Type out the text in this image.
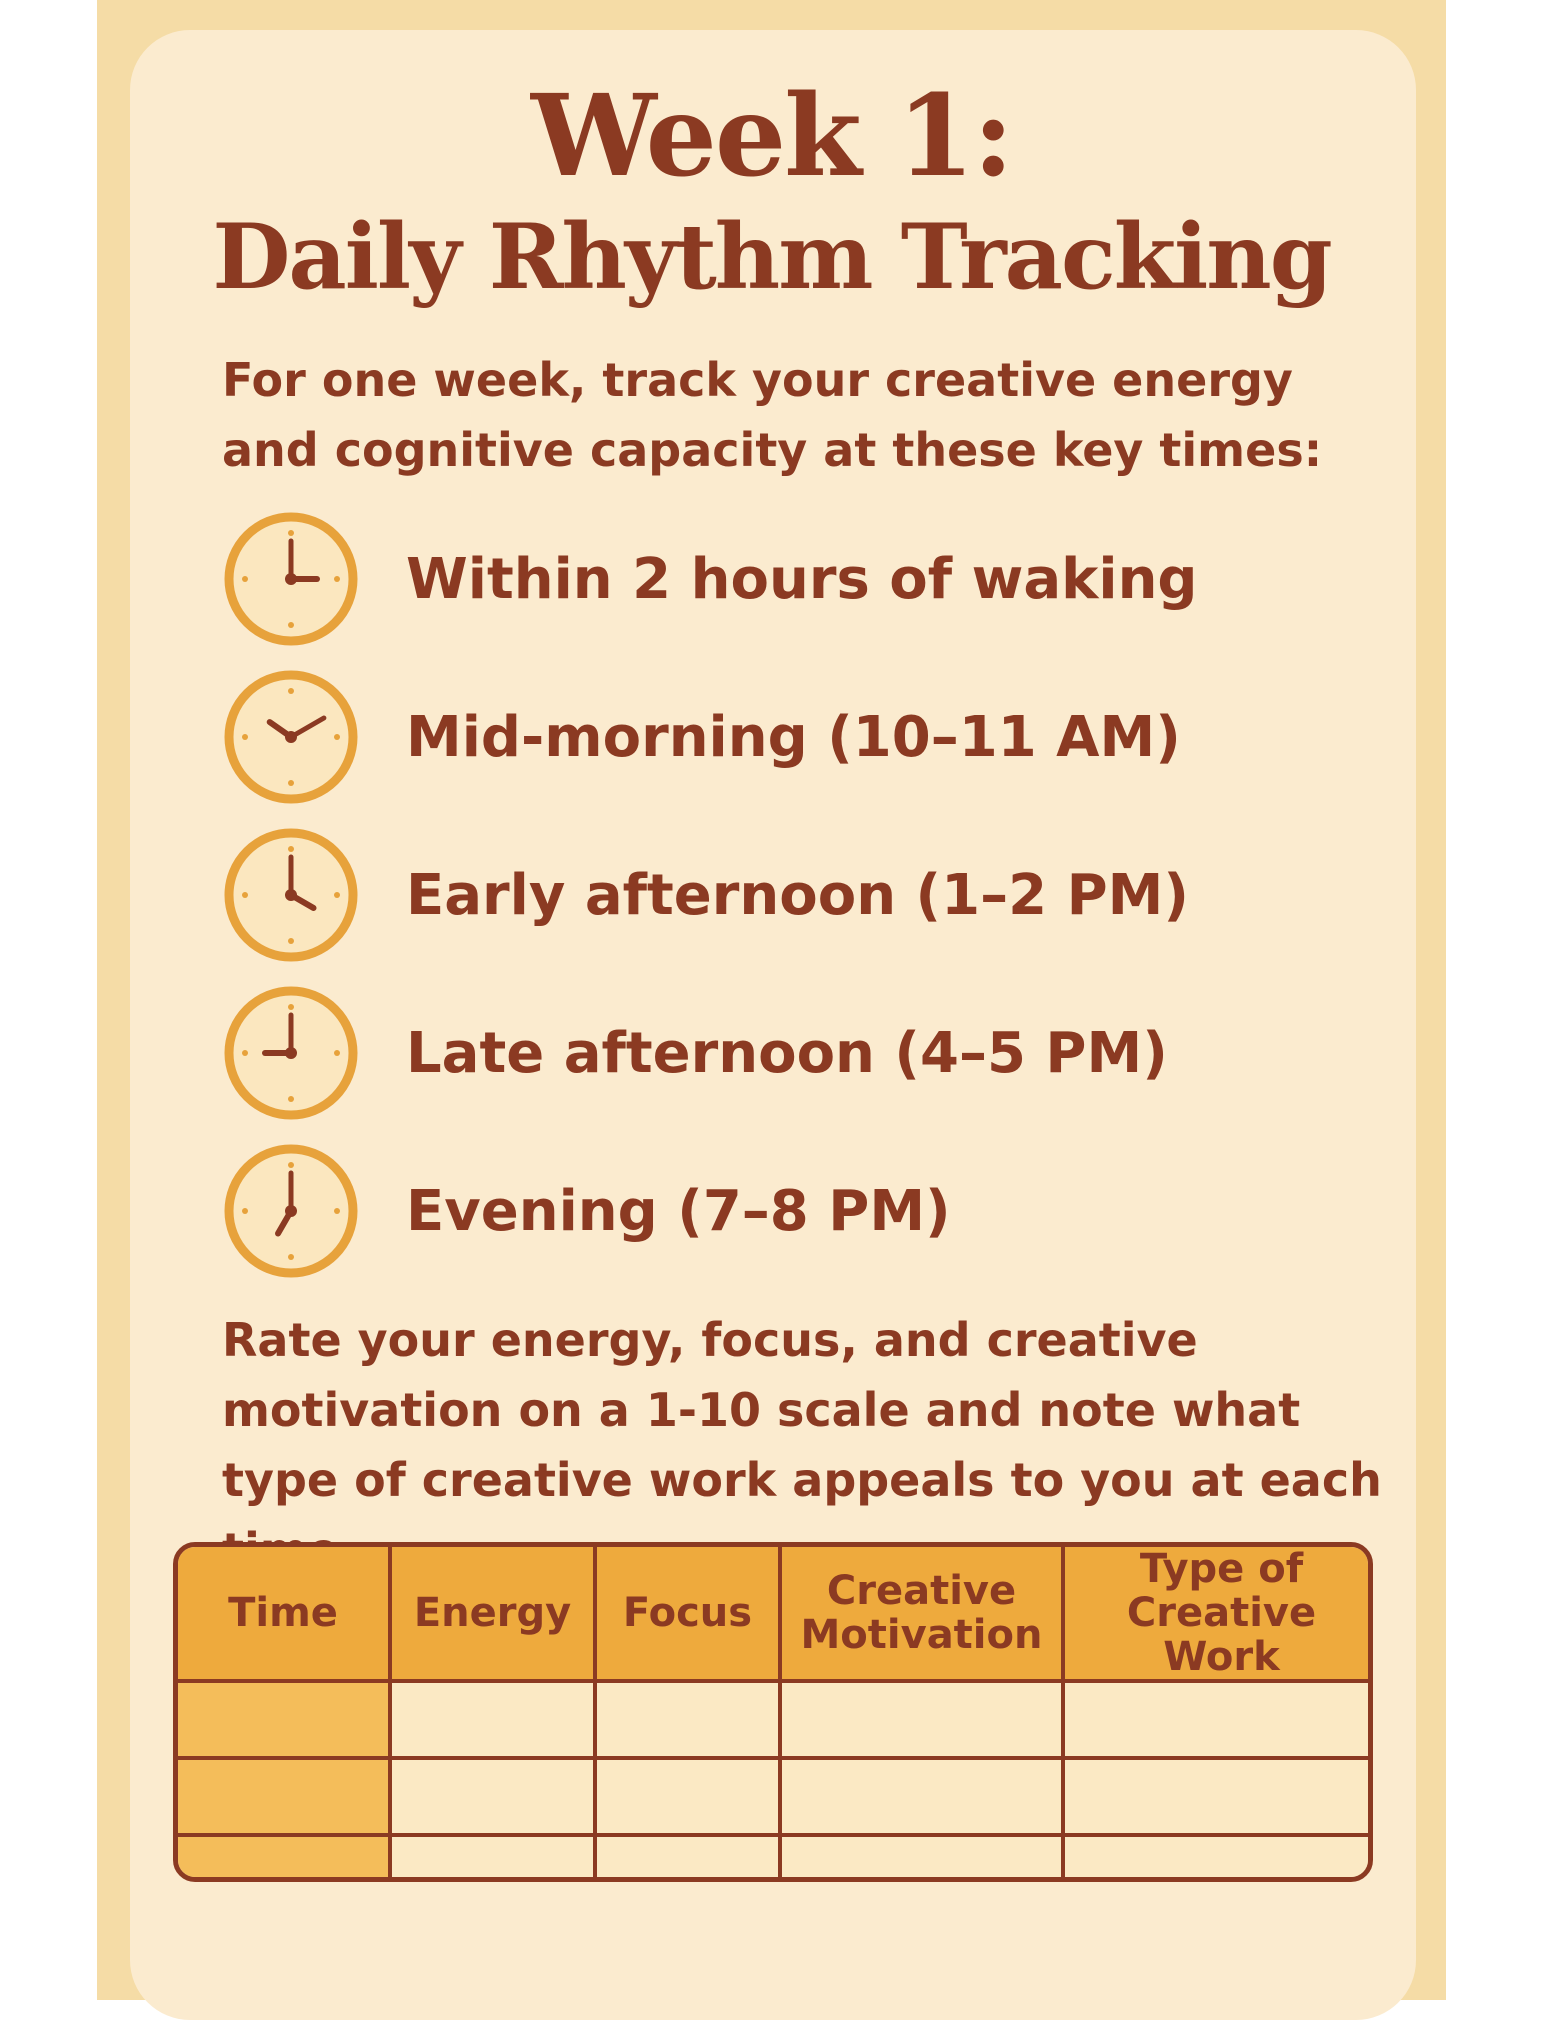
Week 1:
Daily Rhythm Tracking

For one week, track your creative energy and cognitive capacity at these key times:

Within 2 hours of waking
Mid-morning (10–11 AM)
Early afternoon (1–2 PM)
Late afternoon (4–5 PM)
Evening (7–8 PM)

Rate your energy, focus, and creative motivation on a 1-10 scale and note what type of creative work appeals to you at each

Time	Energy	Focus	Creative Motivation	Type of Creative Work
